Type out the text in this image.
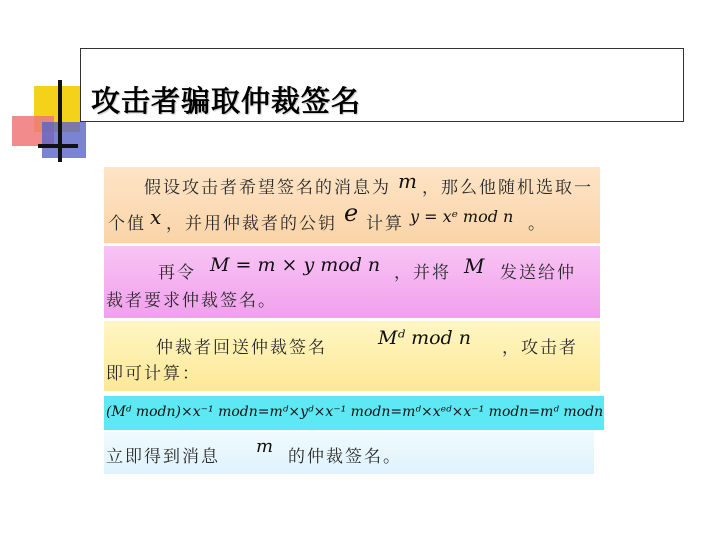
攻击者骗取仲裁签名
假设攻击者希望签名的消息为 m ，那么他随机选取一
个值 x ，并用仲裁者的公钥 e 计算 y = xᵉ mod n 。
再令 M = m × y mod n ，并将 M 发送给仲
裁者要求仲裁签名。
仲裁者回送仲裁签名	Mᵈ mod n ，攻击者
即可计算：
(Mᵈ modn)×x⁻¹ modn=mᵈ×yᵈ×x⁻¹ modn=mᵈ×xᵉᵈ×x⁻¹ modn=mᵈ modn
立即得到消息 m 的仲裁签名。
